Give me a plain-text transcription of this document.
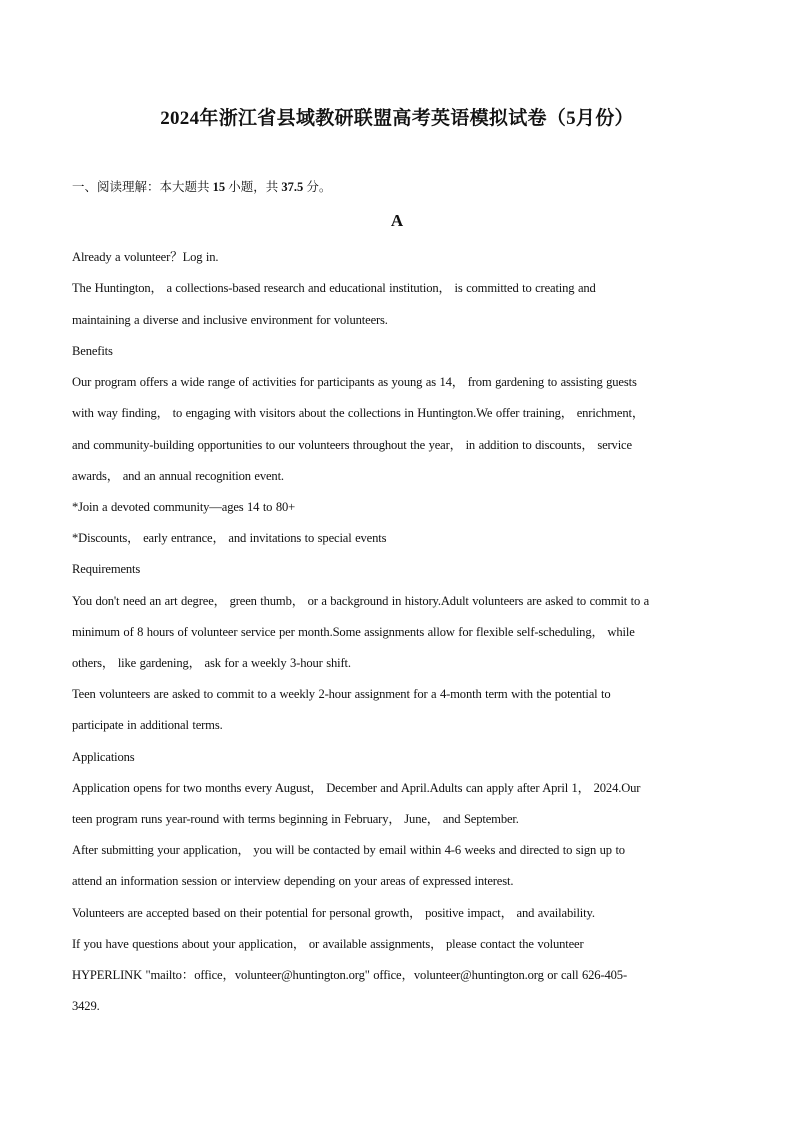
2024年浙江省县域教研联盟高考英语模拟试卷（5月份）
一、阅读理解：本大题共 15 小题，共 37.5 分。
A
Already a volunteer？Log in.
The Huntington， a collections-based research and educational institution， is committed to creating and
maintaining a diverse and inclusive environment for volunteers.
Benefits
Our program offers a wide range of activities for participants as young as 14， from gardening to assisting guests
with way finding， to engaging with visitors about the collections in Huntington.We offer training， enrichment，
and community-building opportunities to our volunteers throughout the year， in addition to discounts， service
awards， and an annual recognition event.
*Join a devoted community—ages 14 to 80+
*Discounts， early entrance， and invitations to special events
Requirements
You don't need an art degree， green thumb， or a background in history.Adult volunteers are asked to commit to a
minimum of 8 hours of volunteer service per month.Some assignments allow for flexible self-scheduling， while
others， like gardening， ask for a weekly 3-hour shift.
Teen volunteers are asked to commit to a weekly 2-hour assignment for a 4-month term with the potential to
participate in additional terms.
Applications
Application opens for two months every August， December and April.Adults can apply after April 1， 2024.Our
teen program runs year-round with terms beginning in February， June， and September.
After submitting your application， you will be contacted by email within 4-6 weeks and directed to sign up to
attend an information session or interview depending on your areas of expressed interest.
Volunteers are accepted based on their potential for personal growth， positive impact， and availability.
If you have questions about your application， or available assignments， please contact the volunteer
HYPERLINK "mailto：office，volunteer@huntington.org" office，volunteer@huntington.org or call 626-405-
3429.
